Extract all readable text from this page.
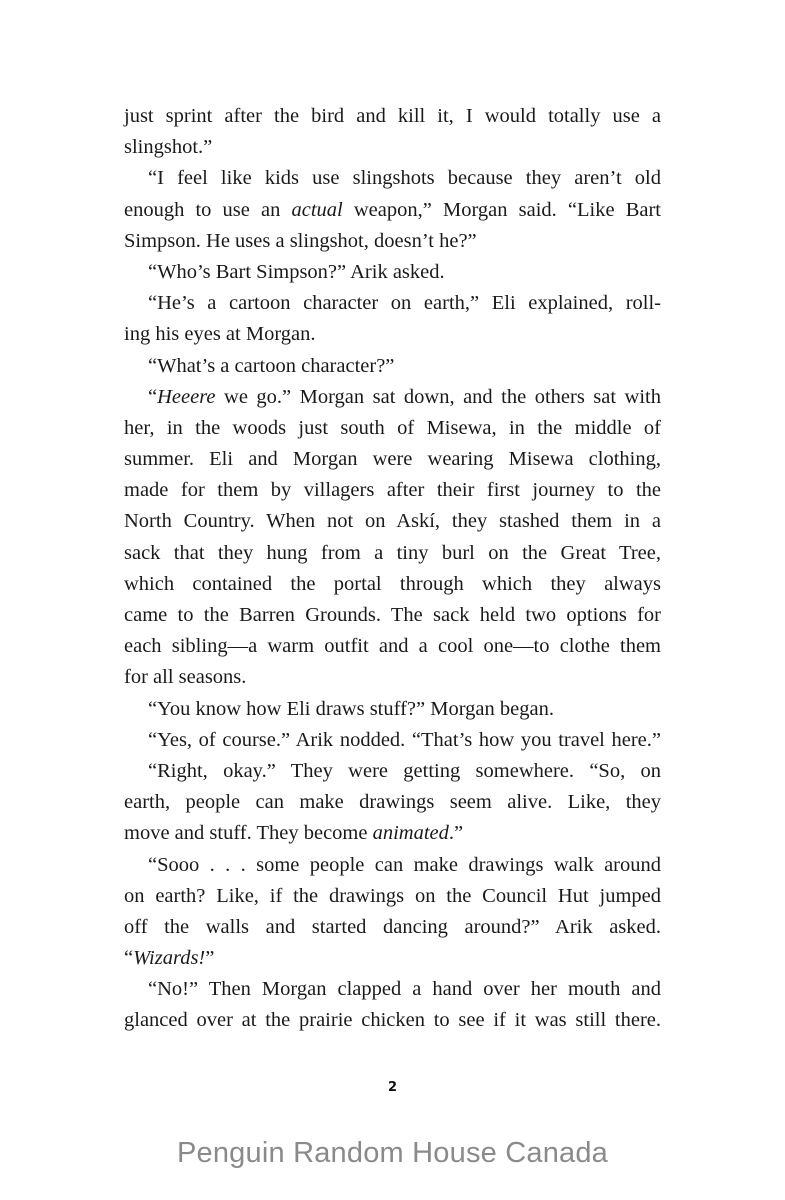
just sprint after the bird and kill it, I would totally use a
slingshot.”
“I feel like kids use slingshots because they aren’t old
enough to use an actual weapon,” Morgan said. “Like Bart
Simpson. He uses a slingshot, doesn’t he?”
“Who’s Bart Simpson?” Arik asked.
“He’s a cartoon character on earth,” Eli explained, roll-
ing his eyes at Morgan.
“What’s a cartoon character?”
“Heeere we go.” Morgan sat down, and the others sat with
her, in the woods just south of Misewa, in the middle of
summer. Eli and Morgan were wearing Misewa clothing,
made for them by villagers after their first journey to the
North Country. When not on Askí, they stashed them in a
sack that they hung from a tiny burl on the Great Tree,
which contained the portal through which they always
came to the Barren Grounds. The sack held two options for
each sibling—a warm outfit and a cool one—to clothe them
for all seasons.
“You know how Eli draws stuff?” Morgan began.
“Yes, of course.” Arik nodded. “That’s how you travel here.”
“Right, okay.” They were getting somewhere. “So, on
earth, people can make drawings seem alive. Like, they
move and stuff. They become animated.”
“Sooo . . . some people can make drawings walk around
on earth? Like, if the drawings on the Council Hut jumped
off the walls and started dancing around?” Arik asked.
“Wizards!”
“No!” Then Morgan clapped a hand over her mouth and
glanced over at the prairie chicken to see if it was still there.
2
Penguin Random House Canada
